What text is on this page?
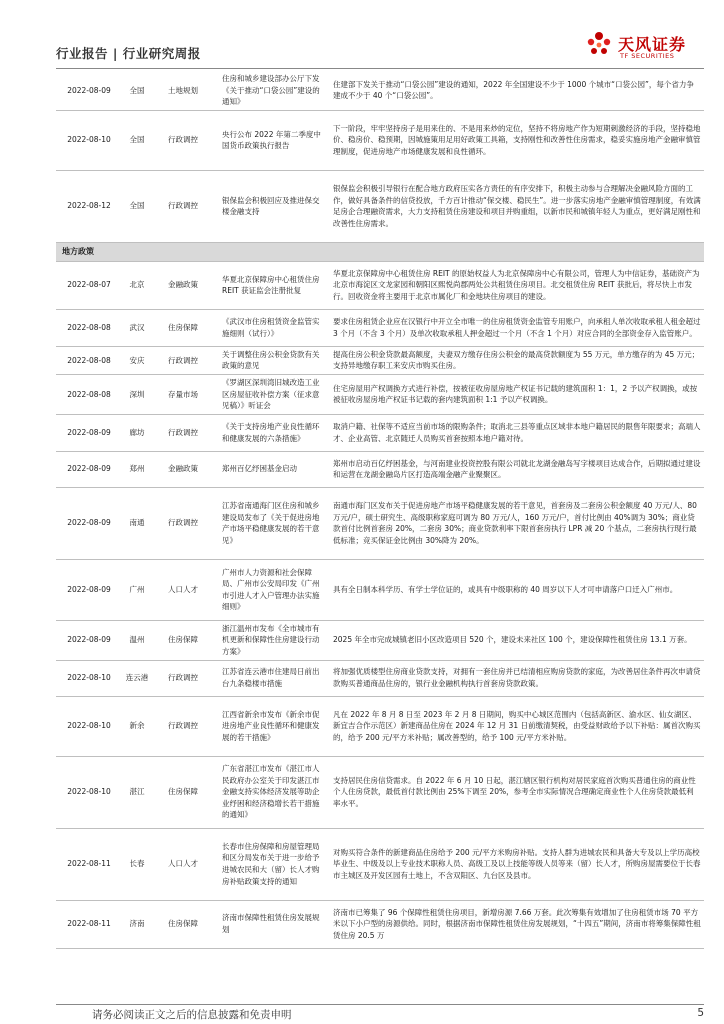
行业报告 | 行业研究周报	天风证券
TF SECURITIES
2022-08-09	全国	土地规划	住房和城乡建设部办公厅下发《关于推动“口袋公园”建设的通知》	住建部下发关于推动“口袋公园”建设的通知，2022 年全国建设不少于 1000 个城市“口袋公园”，每个省力争建成不少于 40 个“口袋公园”。
2022-08-10	全国	行政调控	央行公布 2022 年第二季度中国货币政策执行报告	下一阶段，牢牢坚持房子是用来住的、不是用来炒的定位，坚持不将房地产作为短期刺激经济的手段，坚持稳地价、稳房价、稳预期，因城施策用足用好政策工具箱，支持刚性和改善性住房需求，稳妥实施房地产金融审慎管理制度，促进房地产市场健康发展和良性循环。
2022-08-12	全国	行政调控	银保监会积极回应及推进保交楼金融支持	银保监会积极引导银行在配合地方政府压实各方责任的有序安排下，积极主动参与合理解决金融风险方面的工作，做好具备条件的信贷投放，千方百计推动“保交楼、稳民生”。进一步落实房地产金融审慎管理制度，有效满足房企合理融资需求，大力支持租赁住房建设和项目并购重组，以新市民和城镇年轻人为重点，更好满足刚性和改善性住房需求。
地方政策				
2022-08-07	北京	金融政策	华夏北京保障房中心租赁住房 REIT 获证监会注册批复	华夏北京保障房中心租赁住房 REIT 的原始权益人为北京保障房中心有限公司，管理人为中信证券，基础资产为北京市海淀区文龙家园和朝阳区熙悦尚郡两处公共租赁住房项目。北交租赁住房 REIT 获批后，将尽快上市发行。回收资金将主要用于北京市属化厂和金地块住房项目的建设。
2022-08-08	武汉	住房保障	《武汉市住房租赁资金监管实施细则（试行）》	要求住房租赁企业应在汉银行中开立全市唯一的住房租赁资金监管专用账户，向承租人单次收取承租人租金超过 3 个月（不含 3 个月）及单次收取承租人押金超过一个月（不含 1 个月）对应合同的全部资金存入监管账户。
2022-08-08	安庆	行政调控	关于调整住房公积金贷款有关政策的意见	提高住房公积金贷款最高额度，夫妻双方缴存住房公积金的最高贷款额度为 55 万元，单方缴存的为 45 万元；支持异地缴存职工来安庆市购买住房。
2022-08-08	深圳	存量市场	《罗湖区深圳湾旧城改造工业区房屋征收补偿方案（征求意见稿）》听证会	住宅房屋用产权调换方式进行补偿，按被征收房屋房地产权证书记载的建筑面积 1：1，2 予以产权调换，或按被征收房屋房地产权证书记载的套内建筑面积 1:1 予以产权调换。
2022-08-09	廊坊	行政调控	《关于支持房地产业良性循环和健康发展的六条措施》	取消户籍、社保等不适应当前市场的限购条件；取消北三县等重点区域非本地户籍居民的限售年限要求；高端人才、企业高管、北京随迁人员购买首套按照本地户籍对待。
2022-08-09	郑州	金融政策	郑州百亿纾困基金启动	郑州市启动百亿纾困基金，与河南建业投资控股有限公司就北龙湖金融岛写字楼项目达成合作，后期拟通过建设和运营在龙湖金融岛片区打造高端金融产业聚聚区。
2022-08-09	南通	行政调控	江苏省南通海门区住房和城乡建设局发布了《关于促进房地产市场平稳健康发展的若干意见》	南通市海门区发布关于促进房地产市场平稳健康发展的若干意见，首套房及二套房公积金额度 40 万元/人、80 万元/户，硕士研究生、高级职称家庭可调为 80 万元/人，160 万元/户，首付比例由 40%调为 30%；商业贷款首付比例首套房 20%，二套房 30%；商业贷款利率下限首套房执行 LPR 减 20 个基点，二套房执行现行最低标准；竞买保证金比例由 30%降为 20%。
2022-08-09	广州	人口人才	广州市人力资源和社会保障局、广州市公安局印发《广州市引进人才入户管理办法实施细则》	具有全日制本科学历、有学士学位证的，或具有中级职称的 40 周岁以下人才可申请落户口迁入广州市。
2022-08-09	温州	住房保障	浙江温州市发布《全市城市有机更新和保障性住房建设行动方案》	2025 年全市完成城镇老旧小区改造项目 520 个，建设未来社区 100 个，建设保障性租赁住房 13.1 万套。
2022-08-10	连云港	行政调控	江苏省连云港市住建局日前出台九条稳楼市措施	将加强优质楼型住房商业贷款支持，对拥有一套住房并已结清相应购房贷款的家庭，为改善居住条件再次申请贷款购买普通商品住房的，银行业金融机构执行首套房贷款政策。
2022-08-10	新余	行政调控	江西省新余市发布《新余市促进房地产业良性循环和健康发展的若干措施》	凡在 2022 年 8 月 8 日至 2023 年 2 月 8 日期间，购买中心城区范围内（包括高新区、渝水区、仙女湖区、新宜吉合作示范区）新建商品住房在 2024 年 12 月 31 日前缴清契税，由受益财政给予以下补贴：属首次购买的，给予 200 元/平方米补贴；属改善型的，给予 100 元/平方米补贴。
2022-08-10	湛江	住房保障	广东省湛江市发布《湛江市人民政府办公室关于印发湛江市金融支持实体经济发展等助企业纾困和经济稳增长若干措施的通知》	支持居民住房信贷需求。自 2022 年 6 月 10 日起，湛江辖区银行机构对居民家庭首次购买普通住房的商业性个人住房贷款，最低首付款比例由 25%下调至 20%，参考全市实际情况合理确定商业性个人住房贷款最低利率水平。
2022-08-11	长春	人口人才	长春市住房保障和房屋管理局和区分局发布关于进一步给予进城农民和大（留）长人才购房补贴政策支持的通知	对购买符合条件的新建商品住房给予 200 元/平方米购房补贴。支持人群为进城农民和具备大专及以上学历高校毕业生、中级及以上专业技术职称人员、高级工及以上技能等级人员等来（留）长人才，所购房屋需要位于长春市主城区及开发区园有土地上，不含双阳区、九台区及县市。
2022-08-11	济南	住房保障	济南市保障性租赁住房发展规划	济南市已筹集了 96 个保障性租赁住房项目，新增房源 7.66 万套。此次筹集有效增加了住房租赁市场 70 平方米以下小户型的房源供给。同时，根据济南市保障性租赁住房发展规划，“十四五”期间，济南市将筹集保障性租赁住房 20.5 万
请务必阅读正文之后的信息披露和免责申明	5
